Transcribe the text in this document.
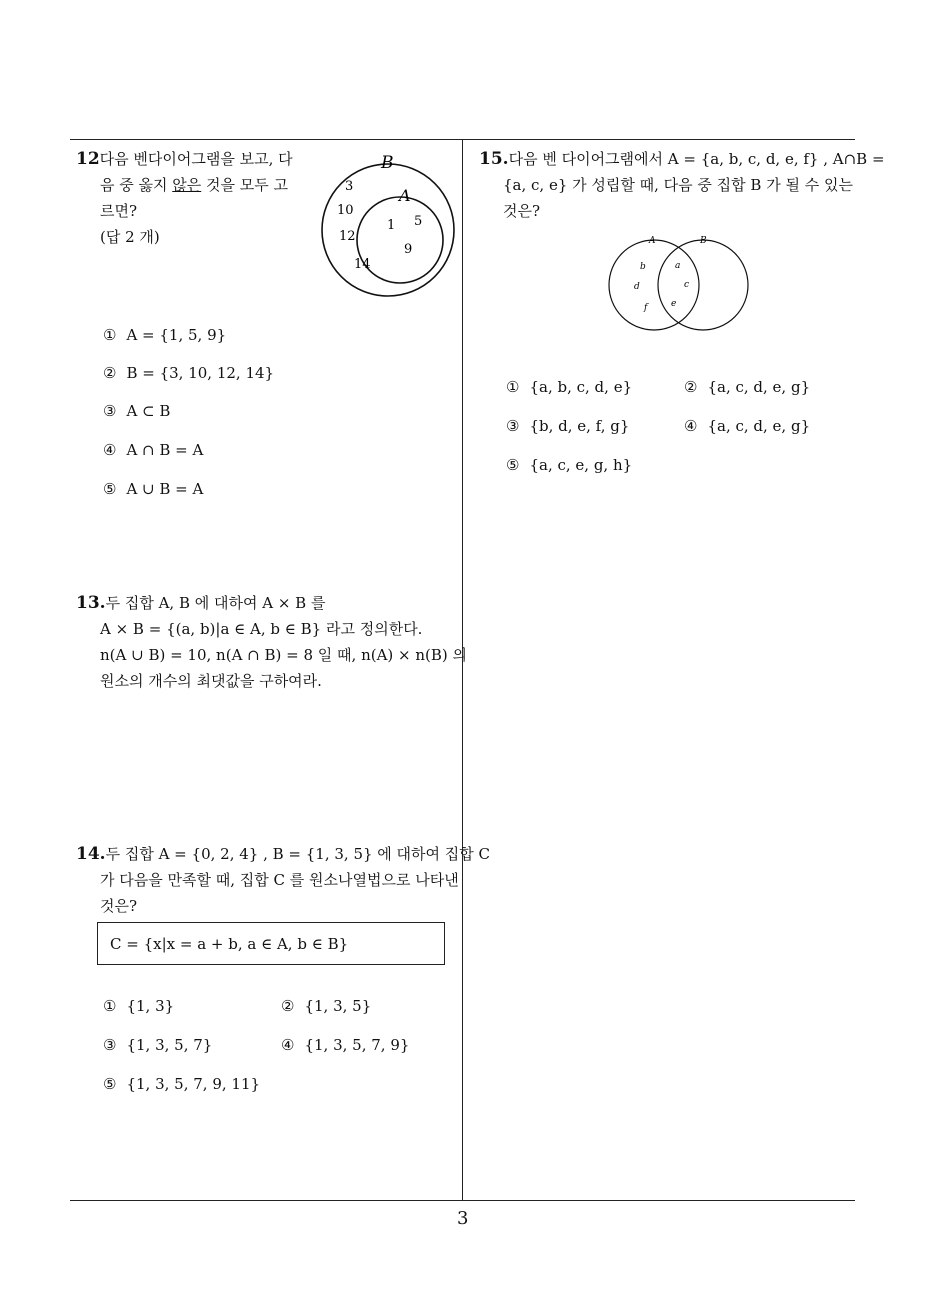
12다음 벤다이어그램을 보고, 다
음 중 옳지 않은 것을 모두 고
르면?
(답 2 개)
B
A
3
10
12
14
1 5
9
① A = {1, 5, 9}
② B = {3, 10, 12, 14}
③ A ⊂ B
④ A ∩ B = A
⑤ A ∪ B = A
13.두 집합 A, B 에 대하여 A × B 를
A × B = {(a, b)|a ∈ A, b ∈ B} 라고 정의한다.
n(A ∪ B) = 10, n(A ∩ B) = 8 일 때, n(A) × n(B) 의
원소의 개수의 최댓값을 구하여라.
14.두 집합 A = {0, 2, 4} , B = {1, 3, 5} 에 대하여 집합 C
가 다음을 만족할 때, 집합 C 를 원소나열법으로 나타낸
것은?
C = {x|x = a + b, a ∈ A, b ∈ B}
① {1, 3}	② {1, 3, 5}
③ {1, 3, 5, 7}	④ {1, 3, 5, 7, 9}
⑤ {1, 3, 5, 7, 9, 11}
15.다음 벤 다이어그램에서 A = {a, b, c, d, e, f} , A∩B =
{a, c, e} 가 성립할 때, 다음 중 집합 B 가 될 수 있는
것은?
A	B
b
d
f
a
c
e
① {a, b, c, d, e}	② {a, c, d, e, g}
③ {b, d, e, f, g}	④ {a, c, d, e, g}
⑤ {a, c, e, g, h}
3
